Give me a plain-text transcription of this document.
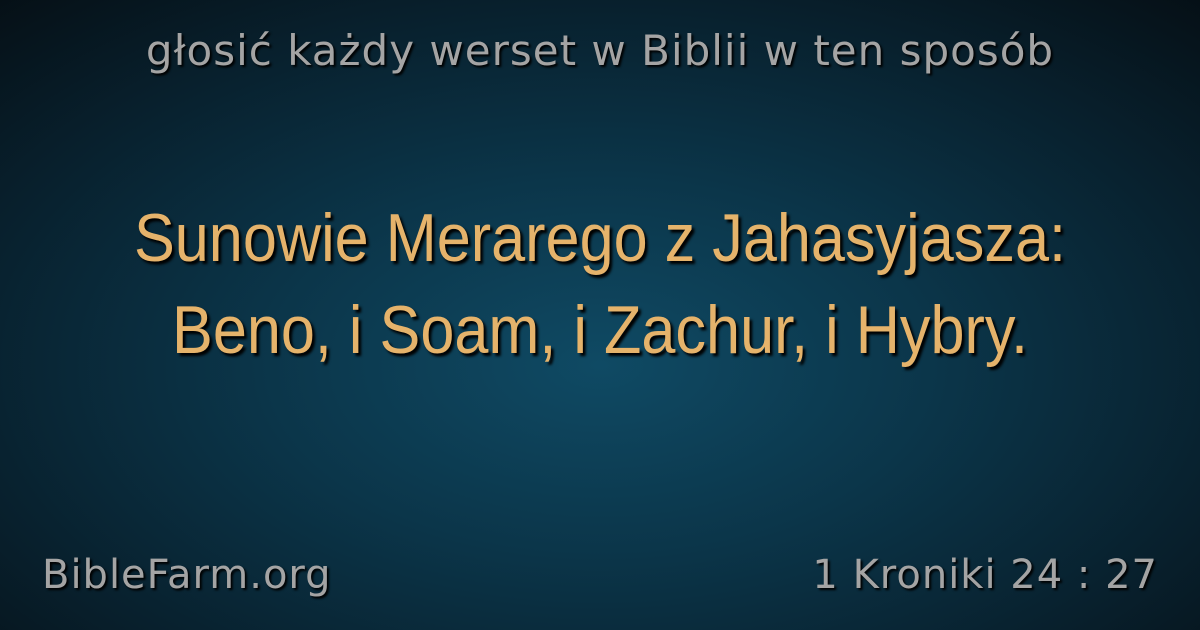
głosić każdy werset w Biblii w ten sposób
Sunowie Merarego z Jahasyjasza:
Beno, i Soam, i Zachur, i Hybry.
BibleFarm.org	1 Kroniki 24 : 27
